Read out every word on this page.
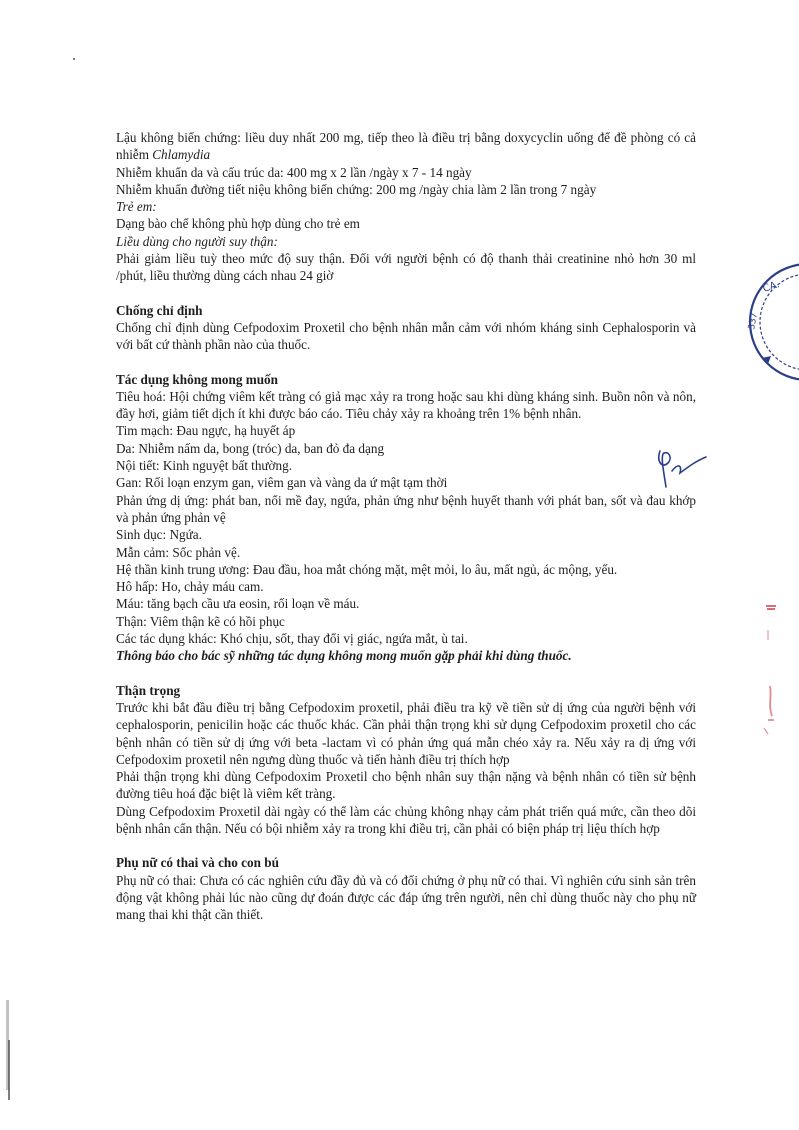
Lậu không biến chứng: liều duy nhất 200 mg, tiếp theo là điều trị bằng doxycyclin uống để đề phòng có cả nhiễm Chlamydia

Nhiễm khuẩn da và cấu trúc da: 400 mg x 2 lần /ngày x 7 - 14 ngày

Nhiễm khuẩn đường tiết niệu không biến chứng: 200 mg /ngày chia làm 2 lần trong 7 ngày

Trẻ em:

Dạng bào chế không phù hợp dùng cho trẻ em

Liều dùng cho người suy thận:

Phải giảm liều tuỳ theo mức độ suy thận. Đối với người bệnh có độ thanh thải creatinine nhỏ hơn 30 ml /phút, liều thường dùng cách nhau 24 giờ

Chống chỉ định

Chống chỉ định dùng Cefpodoxim Proxetil cho bệnh nhân mẫn cảm với nhóm kháng sinh Cephalosporin và với bất cứ thành phần nào của thuốc.

Tác dụng không mong muốn

Tiêu hoá: Hội chứng viêm kết tràng có giả mạc xảy ra trong hoặc sau khi dùng kháng sinh. Buồn nôn và nôn, đầy hơi, giảm tiết dịch ít khi được báo cáo. Tiêu chảy xảy ra khoảng trên 1% bệnh nhân.

Tim mạch: Đau ngực, hạ huyết áp

Da: Nhiễm nấm da, bong (tróc) da, ban đỏ đa dạng

Nội tiết: Kinh nguyệt bất thường.

Gan: Rối loạn enzym gan, viêm gan và vàng da ứ mật tạm thời

Phản ứng dị ứng: phát ban, nổi mề đay, ngứa, phản ứng như bệnh huyết thanh với phát ban, sốt và đau khớp và phản ứng phản vệ

Sinh dục: Ngứa.

Mẫn cảm: Sốc phản vệ.

Hệ thần kinh trung ương: Đau đầu, hoa mắt chóng mặt, mệt mỏi, lo âu, mất ngủ, ác mộng, yếu.

Hô hấp: Ho, chảy máu cam.

Máu: tăng bạch cầu ưa eosin, rối loạn về máu.

Thận: Viêm thận kẽ có hồi phục

Các tác dụng khác: Khó chịu, sốt, thay đổi vị giác, ngứa mắt, ù tai.

Thông báo cho bác sỹ những tác dụng không mong muốn gặp phải khi dùng thuốc.

Thận trọng

Trước khi bắt đầu điều trị bằng Cefpodoxim proxetil, phải điều tra kỹ về tiền sử dị ứng của người bệnh với cephalosporin, penicilin hoặc các thuốc khác. Cần phải thận trọng khi sử dụng Cefpodoxim proxetil cho các bệnh nhân có tiền sử dị ứng với beta -lactam vì có phản ứng quá mẫn chéo xảy ra. Nếu xảy ra dị ứng với Cefpodoxim proxetil nên ngưng dùng thuốc và tiến hành điều trị thích hợp

Phải thận trọng khi dùng Cefpodoxim Proxetil cho bệnh nhân suy thận nặng và bệnh nhân có tiền sử bệnh đường tiêu hoá đặc biệt là viêm kết tràng.

Dùng Cefpodoxim Proxetil dài ngày có thể làm các chủng không nhạy cảm phát triển quá mức, cần theo dõi bệnh nhân cẩn thận. Nếu có bội nhiễm xảy ra trong khi điều trị, cần phải có biện pháp trị liệu thích hợp

Phụ nữ có thai và cho con bú

Phụ nữ có thai: Chưa có các nghiên cứu đầy đủ và có đối chứng ở phụ nữ có thai. Vì nghiên cứu sinh sản trên động vật không phải lúc nào cũng dự đoán được các đáp ứng trên người, nên chỉ dùng thuốc này cho phụ nữ mang thai khi thật cần thiết.

CA.
337
